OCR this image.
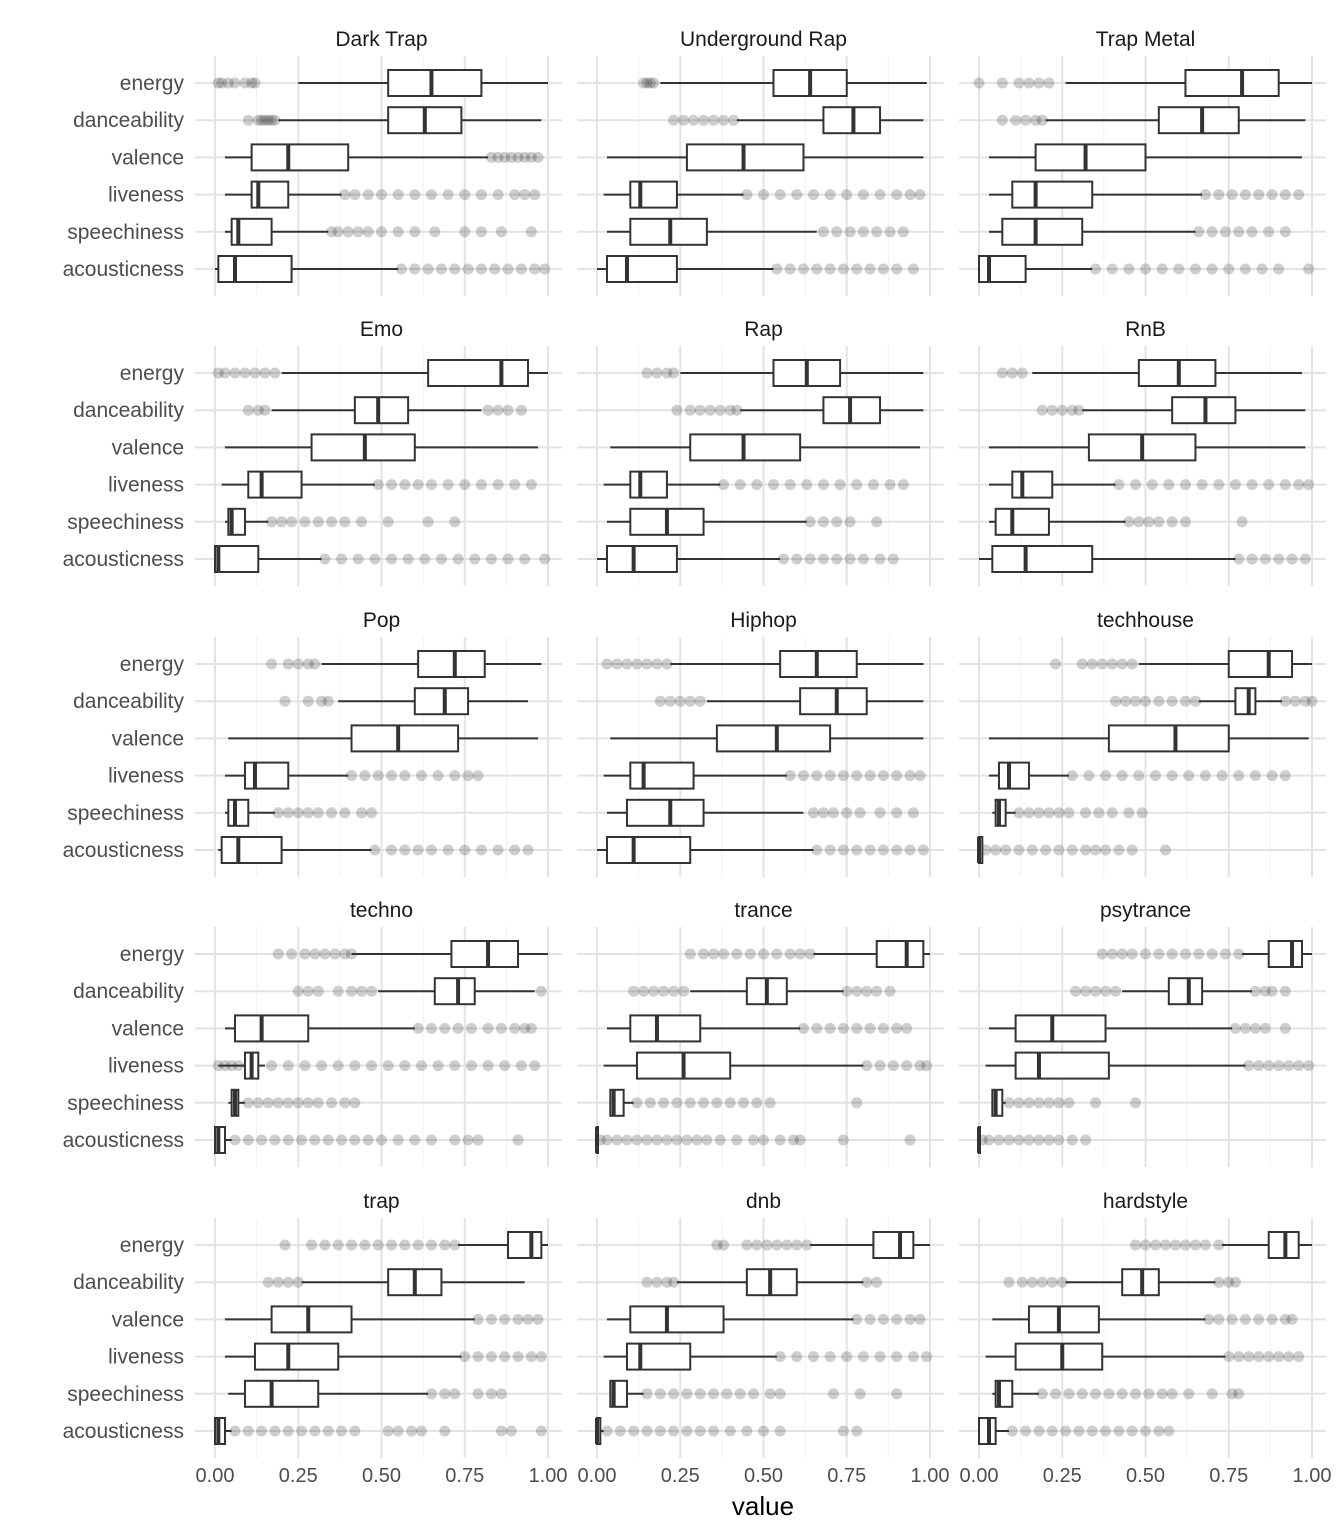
Dark Trap
energy
danceability
valence
liveness
speechiness
acousticness
Underground Rap	Trap Metal
Emo
energy
danceability
valence
liveness
speechiness
acousticness
Rap	RnB
Pop
energy
danceability
valence
liveness
speechiness
acousticness
Hiphop	techhouse
techno
energy
danceability
valence
liveness
speechiness
acousticness
trance	psytrance
trap
energy
danceability
valence
liveness
speechiness
acousticness
0.00 0.25 0.50 0.75 1.00
dnb
0.00 0.25 0.50 0.75 1.00
hardstyle
0.00 0.25 0.50 0.75 1.00
value
